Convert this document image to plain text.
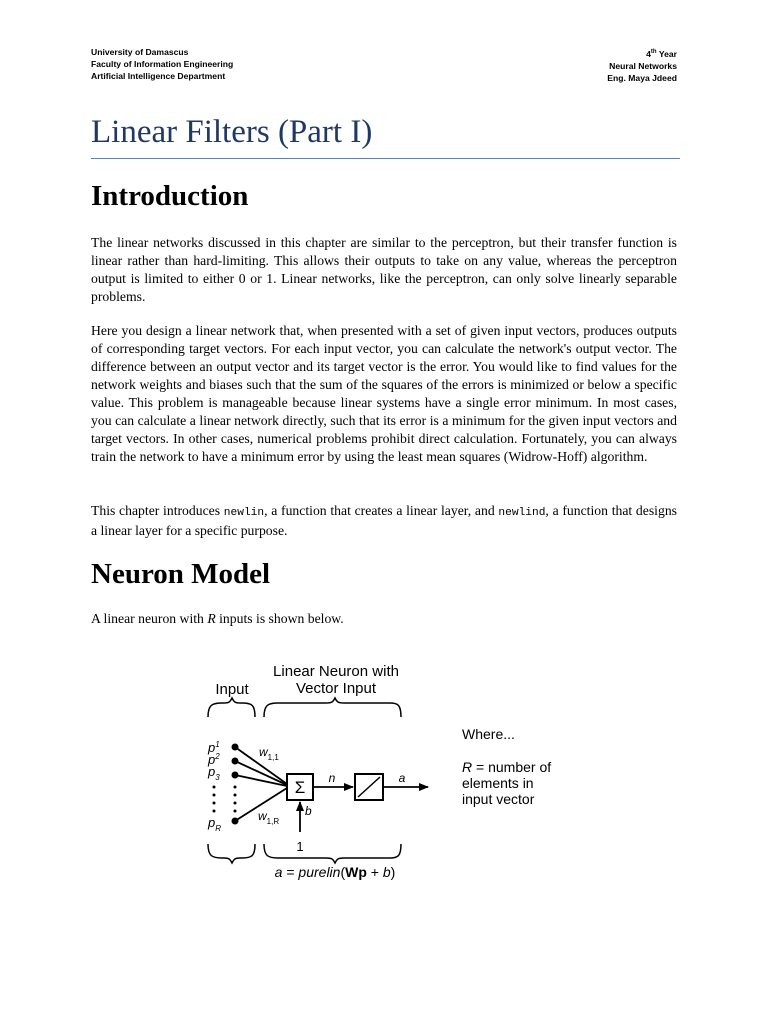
University of Damascus
Faculty of Information Engineering
Artificial Intelligence Department
4th Year
Neural Networks
Eng. Maya Jdeed
Linear Filters (Part I)
Introduction

The linear networks discussed in this chapter are similar to the perceptron, but their transfer function is linear rather than hard-limiting. This allows their outputs to take on any value, whereas the perceptron output is limited to either 0 or 1. Linear networks, like the perceptron, can only solve linearly separable problems.

Here you design a linear network that, when presented with a set of given input vectors, produces outputs of corresponding target vectors. For each input vector, you can calculate the network's output vector. The difference between an output vector and its target vector is the error. You would like to find values for the network weights and biases such that the sum of the squares of the errors is minimized or below a specific value. This problem is manageable because linear systems have a single error minimum. In most cases, you can calculate a linear network directly, such that its error is a minimum for the given input vectors and target vectors. In other cases, numerical problems prohibit direct calculation. Fortunately, you can always train the network to have a minimum error by using the least mean squares (Widrow-Hoff) algorithm.

This chapter introduces newlin, a function that creates a linear layer, and newlind, a function that designs a linear layer for a specific purpose.

Neuron Model

A linear neuron with R inputs is shown below.

Input
Linear Neuron with
Vector Input
$p^1$
$p^2$
$p_3$
$p_R$
$w_{1,1}$
$w_{1,R}$
Σ n	a
b
1
Where...
R = number of
elements in
input vector
a = purelin(Wp + b)
